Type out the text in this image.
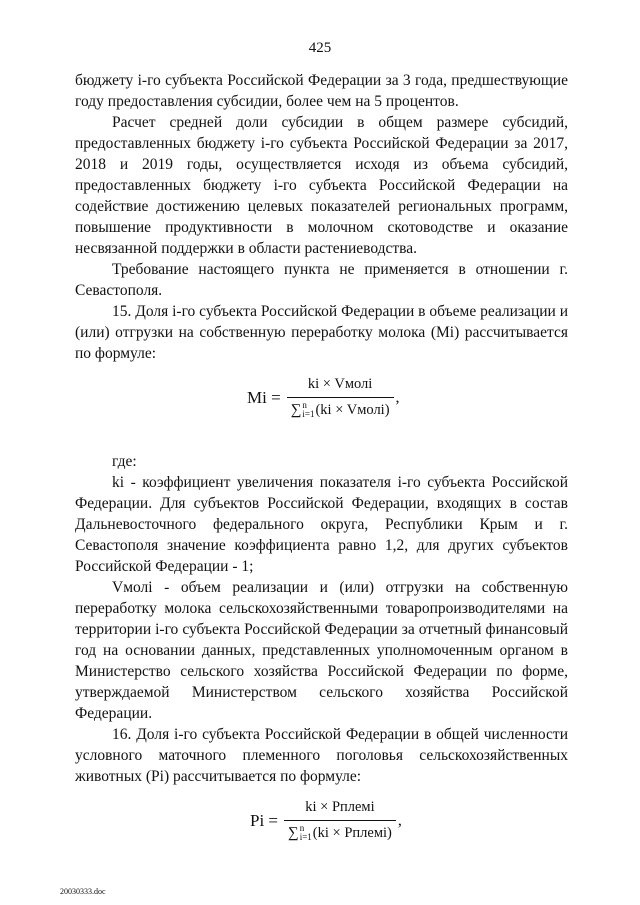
425

бюджету i-го субъекта Российской Федерации за 3 года, предшествующие году предоставления субсидии, более чем на 5 процентов.

Расчет средней доли субсидии в общем размере субсидий, предоставленных бюджету i-го субъекта Российской Федерации за 2017, 2018 и 2019 годы, осуществляется исходя из объема субсидий, предоставленных бюджету i-го субъекта Российской Федерации на содействие достижению целевых показателей региональных программ, повышение продуктивности в молочном скотоводстве и оказание несвязанной поддержки в области растениеводства.

Требование настоящего пункта не применяется в отношении г. Севастополя.

15. Доля i-го субъекта Российской Федерации в объеме реализации и (или) отгрузки на собственную переработку молока (Mi) рассчитывается по формуле:

Mi =
ki × Vмолi
∑ n
i=1 (ki × Vмолi)
,

где:

ki - коэффициент увеличения показателя i-го субъекта Российской Федерации. Для субъектов Российской Федерации, входящих в состав Дальневосточного федерального округа, Республики Крым и г. Севастополя значение коэффициента равно 1,2, для других субъектов Российской Федерации - 1;

Vмолi - объем реализации и (или) отгрузки на собственную переработку молока сельскохозяйственными товаропроизводителями на территории i-го субъекта Российской Федерации за отчетный финансовый год на основании данных, представленных уполномоченным органом в Министерство сельского хозяйства Российской Федерации по форме, утверждаемой Министерством сельского хозяйства Российской Федерации.

16. Доля i-го субъекта Российской Федерации в общей численности условного маточного племенного поголовья сельскохозяйственных животных (Pi) рассчитывается по формуле:

Pi =
ki × Pплемi
∑ n
i=1 (ki × Pплемi)
,
20030333.doc
